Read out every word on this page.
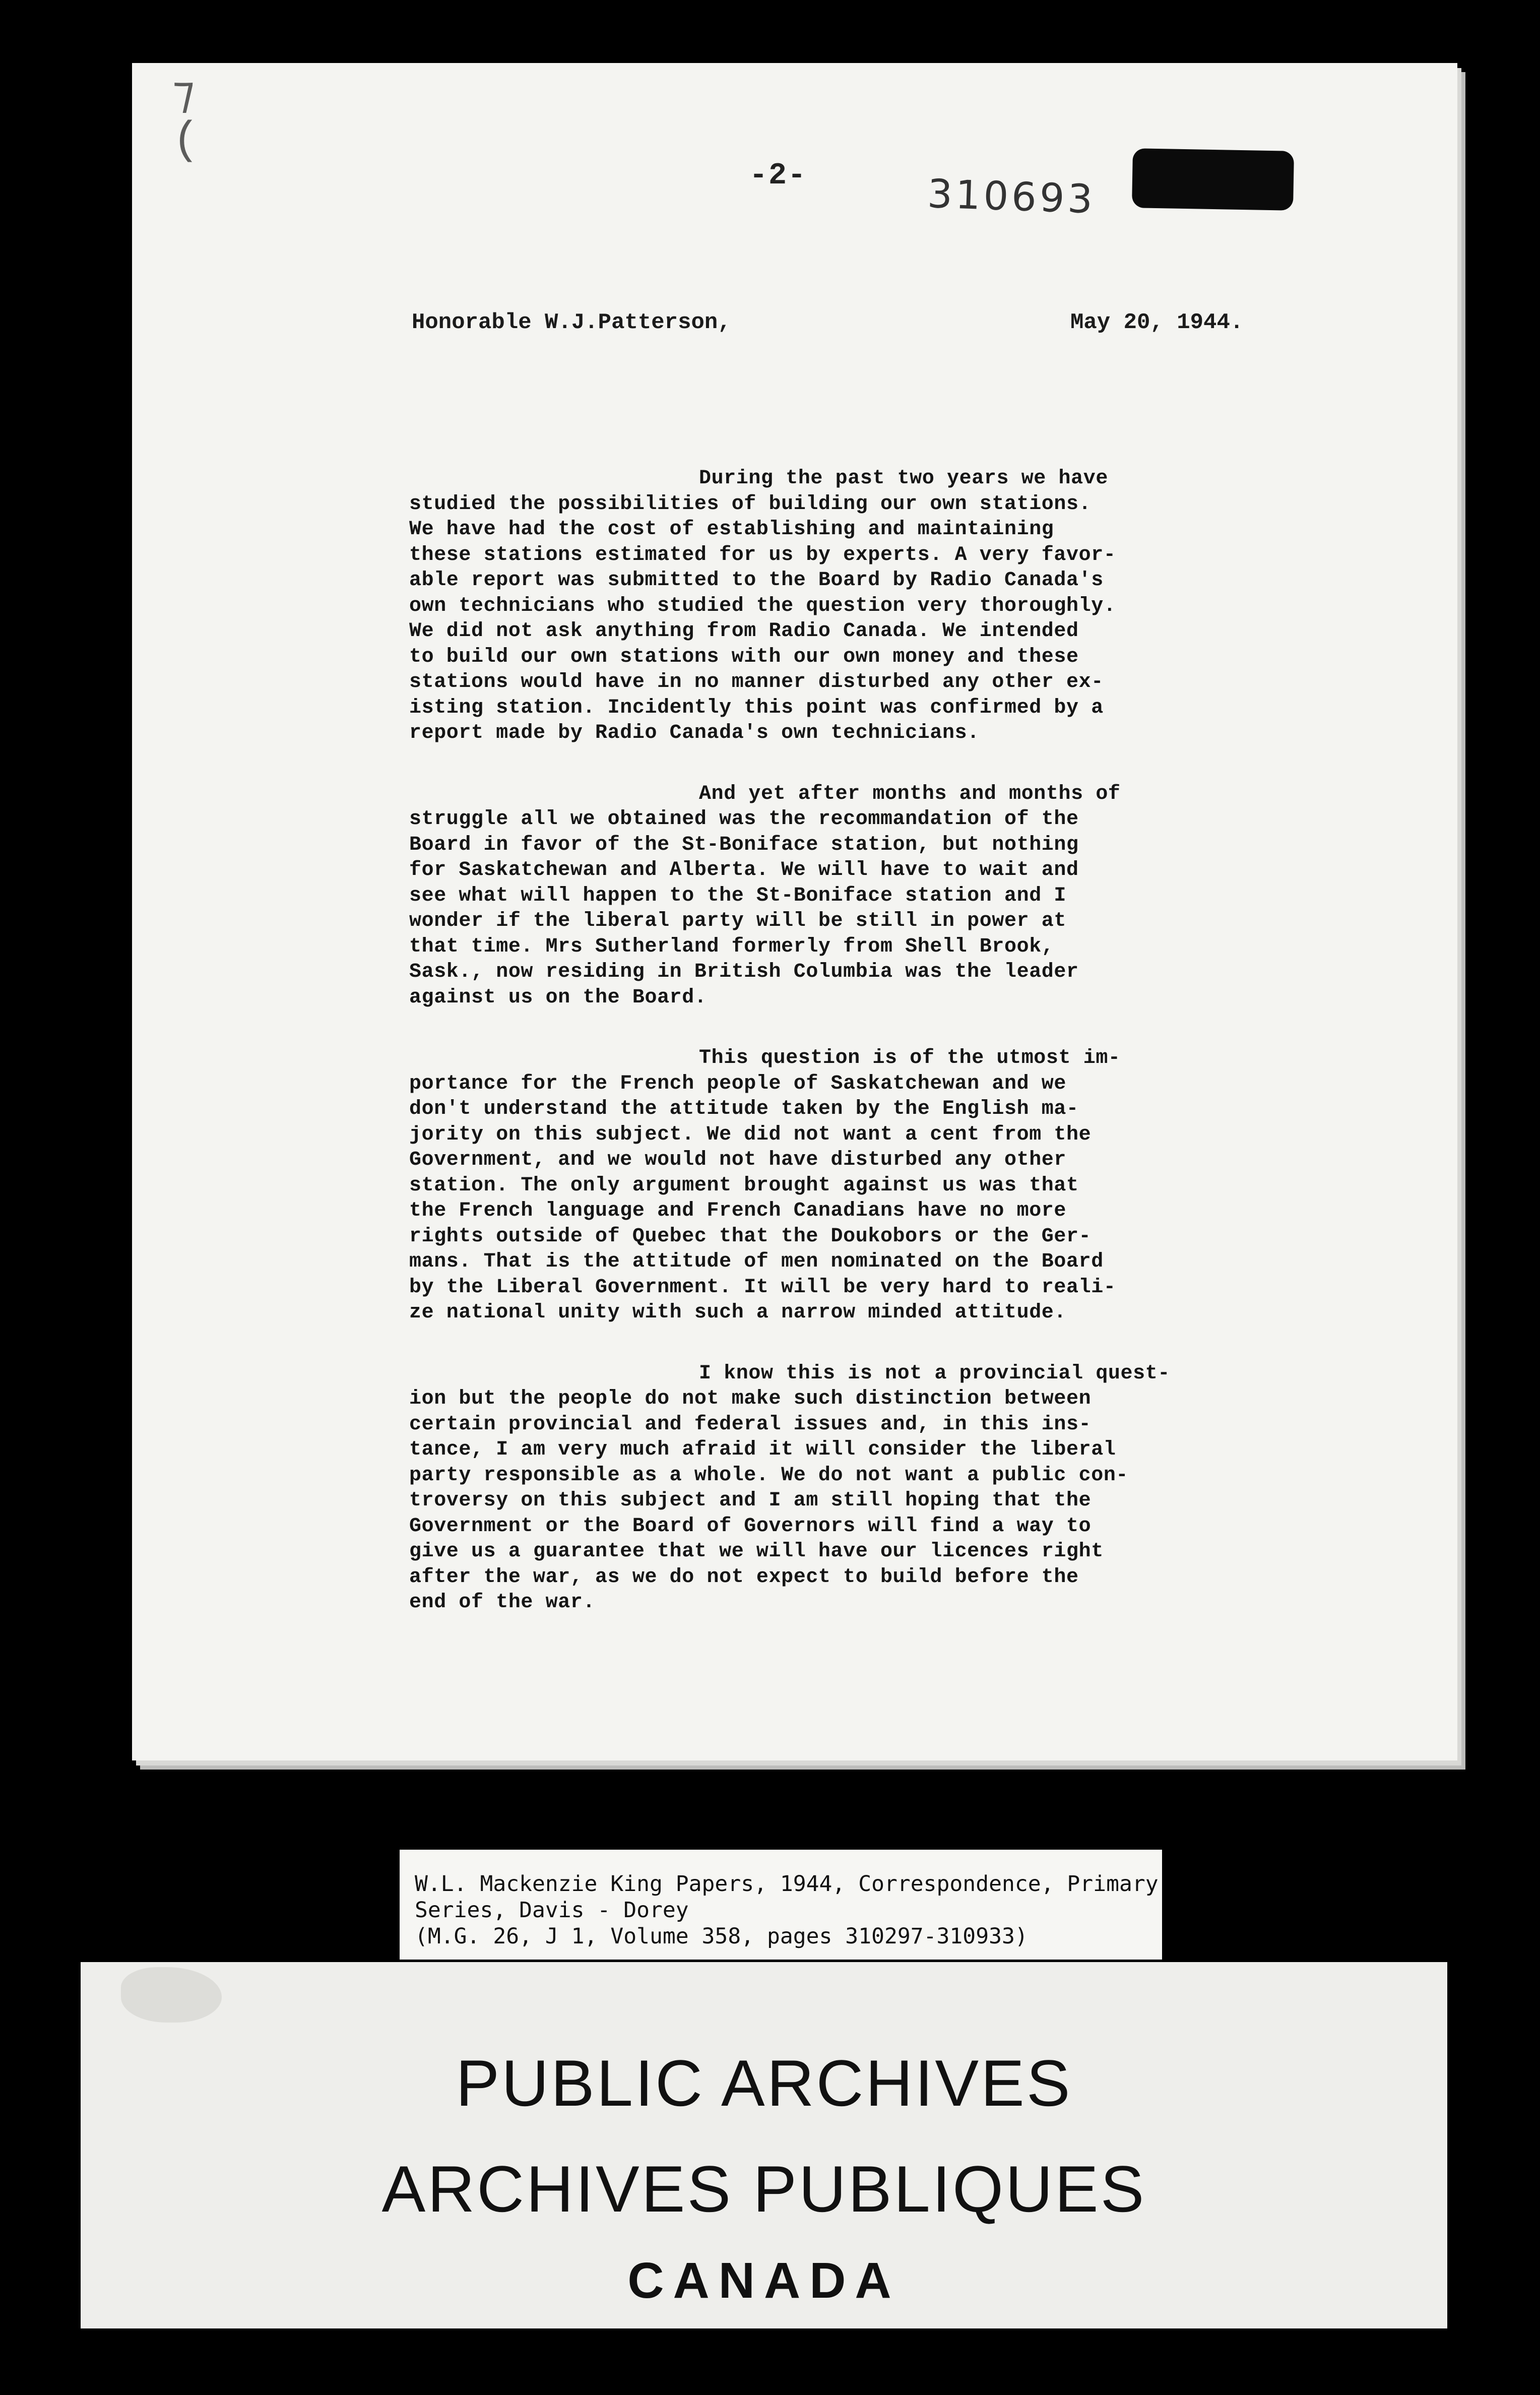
⁊
(
-2-	310693
Honorable W.J.Patterson,	May 20, 1944.
During the past two years we have
studied the possibilities of building our own stations.
We have had the cost of establishing and maintaining
these stations estimated for us by experts. A very favor-
able report was submitted to the Board by Radio Canada's
own technicians who studied the question very thoroughly.
We did not ask anything from Radio Canada. We intended
to build our own stations with our own money and these
stations would have in no manner disturbed any other ex-
isting station. Incidently this point was confirmed by a
report made by Radio Canada's own technicians.
And yet after months and months of
struggle all we obtained was the recommandation of the
Board in favor of the St-Boniface station, but nothing
for Saskatchewan and Alberta. We will have to wait and
see what will happen to the St-Boniface station and I
wonder if the liberal party will be still in power at
that time. Mrs Sutherland formerly from Shell Brook,
Sask., now residing in British Columbia was the leader
against us on the Board.
This question is of the utmost im-
portance for the French people of Saskatchewan and we
don't understand the attitude taken by the English ma-
jority on this subject. We did not want a cent from the
Government, and we would not have disturbed any other
station. The only argument brought against us was that
the French language and French Canadians have no more
rights outside of Quebec that the Doukobors or the Ger-
mans. That is the attitude of men nominated on the Board
by the Liberal Government. It will be very hard to reali-
ze national unity with such a narrow minded attitude.
I know this is not a provincial quest-
ion but the people do not make such distinction between
certain provincial and federal issues and, in this ins-
tance, I am very much afraid it will consider the liberal
party responsible as a whole. We do not want a public con-
troversy on this subject and I am still hoping that the
Government or the Board of Governors will find a way to
give us a guarantee that we will have our licences right
after the war, as we do not expect to build before the
end of the war.
W.L. Mackenzie King Papers, 1944, Correspondence, Primary
Series, Davis - Dorey
(M.G. 26, J 1, Volume 358, pages 310297-310933)
PUBLIC ARCHIVES
ARCHIVES PUBLIQUES
CANADA
